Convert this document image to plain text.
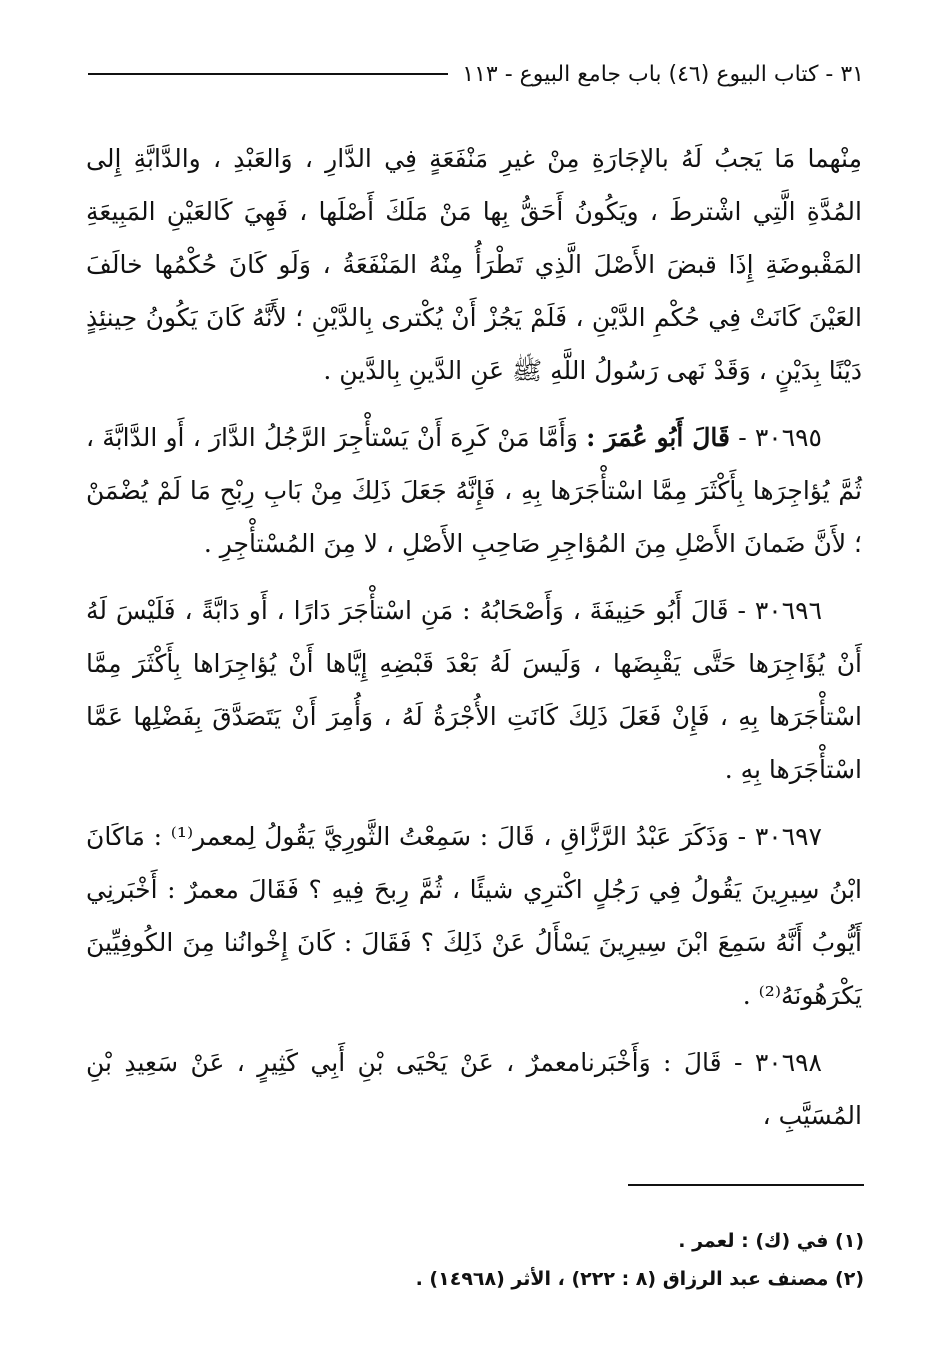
٣١ - كتاب البيوع (٤٦) باب جامع البيوع - ١١٣

مِنْهما مَا يَجبُ لَهُ بالإجَارَةِ مِنْ غيرِ مَنْفَعَةٍ فِي الدَّارِ ، وَالعَبْدِ ، والدَّابَّةِ إِلى المُدَّةِ الَّتِي اشْترطَ ، ويَكُونُ أَحَقُّ بِها مَنْ مَلَكَ أَصْلَها ، فَهِيَ كَالعَيْنِ المَبِيعَةِ المَقْبوضَةِ إِذَا قبضَ الأَصْلَ الَّذِي تَطْرَأُ مِنْهُ المَنْفَعَةُ ، وَلَو كَانَ حُكْمُها خالَفَ العَيْنَ كَانَتْ فِي حُكْمِ الدَّيْنِ ، فَلَمْ يَجُزْ أَنْ يُكْترى بِالدَّيْنِ ؛ لأَنَّهُ كَانَ يَكُونُ حِينئِذٍ دَيْنًا بِدَيْنٍ ، وَقَدْ نَهى رَسُولُ اللَّهِ ﷺ عَنِ الدَّينِ بِالدَّينِ .

٣٠٦٩٥ - قَالَ أَبُو عُمَرَ : وَأَمَّا مَنْ كَرِهَ أَنْ يَسْتأْجِرَ الرَّجُلُ الدَّارَ ، أَو الدَّابَّةَ ، ثُمَّ يُؤاجِرَها بِأَكْثَرَ مِمَّا اسْتأْجَرَها بِهِ ، فَإِنَّهُ جَعَلَ ذَلِكَ مِنْ بَابِ رِبْحِ مَا لَمْ يُضْمَنْ ؛ لأَنَّ ضَمانَ الأَصْلِ مِنَ المُؤاجِرِ صَاحِبِ الأَصْلِ ، لا مِنَ المُسْتأْجِرِ .

٣٠٦٩٦ - قَالَ أَبُو حَنِيفَةَ ، وَأَصْحَابُهُ : مَنِ اسْتأْجَرَ دَارًا ، أَو دَابَّةً ، فَلَيْسَ لَهُ أَنْ يُؤَاجِرَها حَتَّى يَقْبِضَها ، وَلَيسَ لَهُ بَعْدَ قَبْضِهِ إِيَّاها أَنْ يُؤاجِرَاها بِأَكْثَرَ مِمَّا اسْتأْجَرَها بِهِ ، فَإِنْ فَعَلَ ذَلِكَ كَانَتِ الأُجْرَةُ لَهُ ، وَأُمِرَ أَنْ يَتَصَدَّقَ بِفَضْلِها عَمَّا اسْتأْجَرَها بِهِ .

٣٠٦٩٧ - وَذَكَرَ عَبْدُ الرَّزَّاقِ ، قَالَ : سَمِعْتُ الثَّورِيَّ يَقُولُ لِمعمر⁽¹⁾ : مَاكَانَ ابْنُ سِيرِينَ يَقُولُ فِي رَجُلٍ اكْترِي شيئًا ، ثُمَّ رِبحَ فِيهِ ؟ فَقَالَ معمرٌ : أَخْبَرنِي أَيُّوبُ أَنَّهُ سَمِعَ ابْنَ سِيرِينَ يَسْأَلُ عَنْ ذَلِكَ ؟ فَقَالَ : كَانَ إِخْوانُنا مِنَ الكُوفِيِّينَ يَكْرَهُونَهُ⁽²⁾ .

٣٠٦٩٨ - قَالَ : وَأَخْبَرنامعمرٌ ، عَنْ يَحْيَى بْنِ أَبِي كَثِيرٍ ، عَنْ سَعِيدِ بْنِ المُسَيَّبِ ،

(١) في (ك) : لعمر .

(٢) مصنف عبد الرزاق (٨ : ٢٢٢) ، الأثر (١٤٩٦٨) .
